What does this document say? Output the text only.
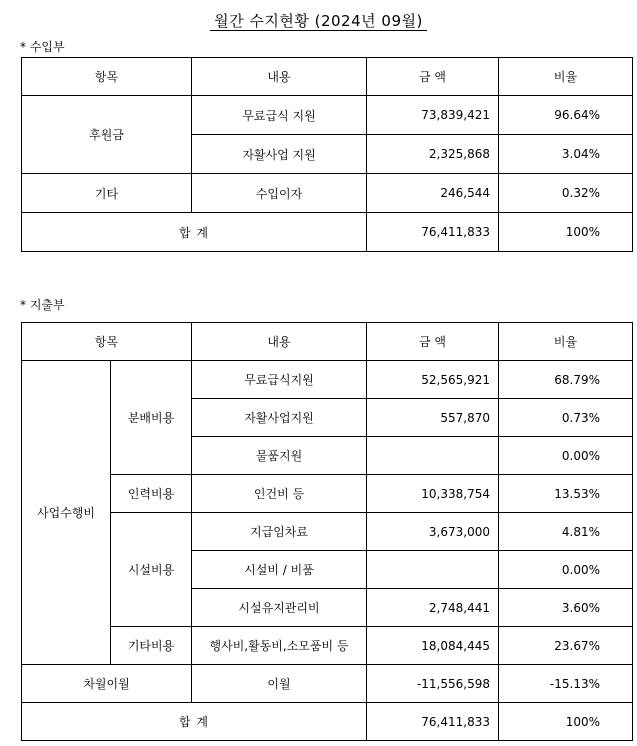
월간 수지현황 (2024년 09월)
* 수입부
항목	내용	금 액	비율
후원금	무료급식 지원	73,839,421	96.64%
	자활사업 지원	2,325,868	3.04%
기타	수입이자	246,544	0.32%
합 계		76,411,833	100%
* 지출부
항목		내용	금 액	비율
사업수행비	분배비용	무료급식지원	52,565,921	68.79%
		자활사업지원	557,870	0.73%
		물품지원		0.00%
	인력비용	인건비 등	10,338,754	13.53%
	시설비용	지급임차료	3,673,000	4.81%
		시설비 / 비품		0.00%
		시설유지관리비	2,748,441	3.60%
	기타비용	행사비,활동비,소모품비 등	18,084,445	23.67%
차월이월		이월	-11,556,598	-15.13%
합 계			76,411,833	100%
